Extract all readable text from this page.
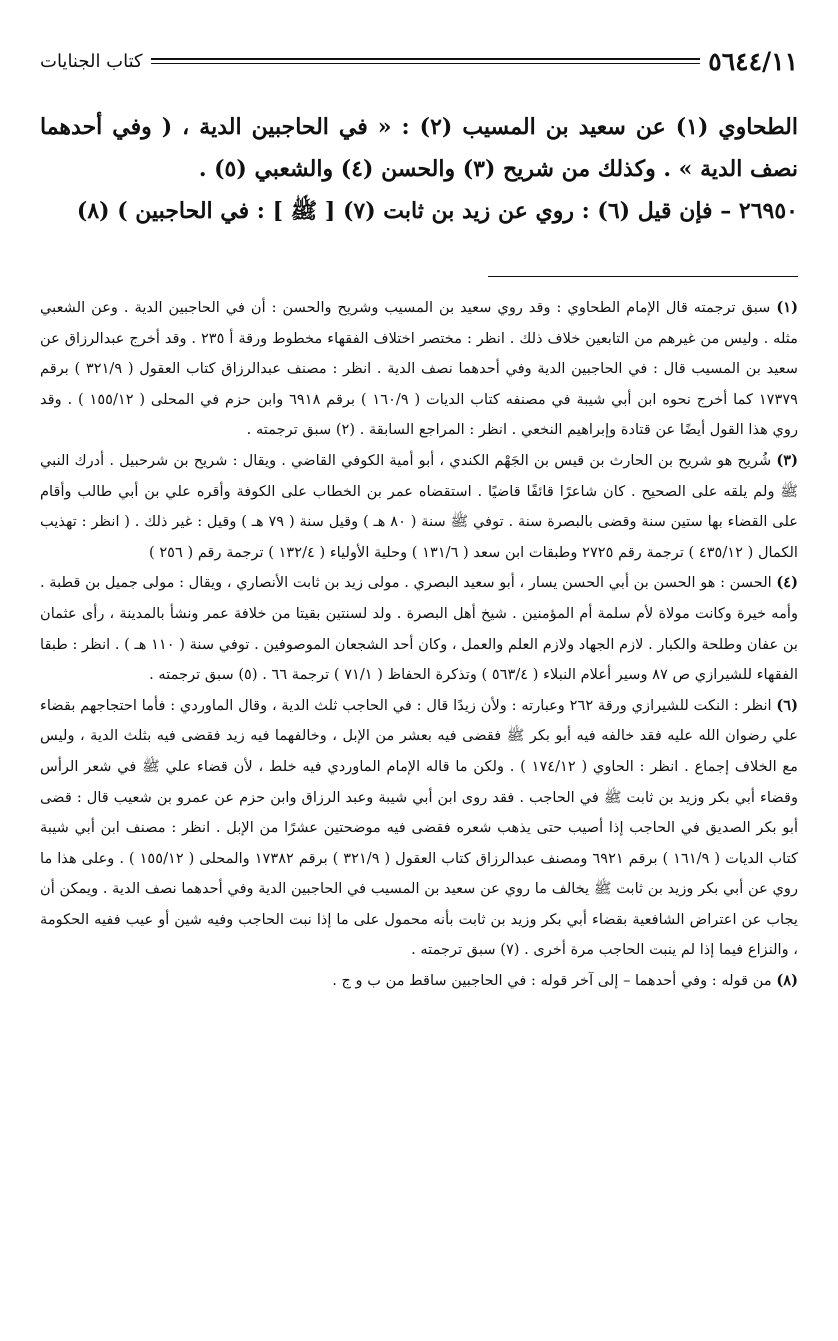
٥٦٤٤/١١
كتاب الجنايات

الطحاوي (١) عن سعيد بن المسيب (٢) : « في الحاجبين الدية ، ( وفي أحدهما نصف الدية » . وكذلك من شريح (٣) والحسن (٤) والشعبي (٥) .

٢٦٩٥٠ – فإن قيل (٦) : روي عن زيد بن ثابت (٧) [ ﷺ ] : في الحاجبين ) (٨)

(١) سبق ترجمته قال الإمام الطحاوي : وقد روي سعيد بن المسيب وشريح والحسن : أن في الحاجبين الدية . وعن الشعبي مثله . وليس من غيرهم من التابعين خلاف ذلك . انظر : مختصر اختلاف الفقهاء مخطوط ورقة أ ٢٣٥ . وقد أخرج عبدالرزاق عن سعيد بن المسيب قال : في الحاجبين الدية وفي أحدهما نصف الدية . انظر : مصنف عبدالرزاق كتاب العقول ( ٣٢١/٩ ) برقم ١٧٣٧٩ كما أخرج نحوه ابن أبي شيبة في مصنفه كتاب الديات ( ١٦٠/٩ ) برقم ٦٩١٨ وابن حزم في المحلى ( ١٥٥/١٢ ) . وقد روي هذا القول أيضًا عن قتادة وإبراهيم النخعي . انظر : المراجع السابقة . (٢) سبق ترجمته .

(٣) شُريح هو شريح بن الحارث بن قيس بن الجَهْم الكندي ، أبو أمية الكوفي القاضي . ويقال : شريح بن شرحبيل . أدرك النبي ﷺ ولم يلقه على الصحيح . كان شاعرًا قائفًا قاضيًا . استقضاه عمر بن الخطاب على الكوفة وأقره علي بن أبي طالب وأقام على القضاء بها ستين سنة وقضى بالبصرة سنة . توفي ﷺ سنة ( ٨٠ هـ ) وقيل سنة ( ٧٩ هـ ) وقيل : غير ذلك . ( انظر : تهذيب الكمال ( ٤٣٥/١٢ ) ترجمة رقم ٢٧٢٥ وطبقات ابن سعد ( ١٣١/٦ ) وحلية الأولياء ( ١٣٢/٤ ) ترجمة رقم ( ٢٥٦ )

(٤) الحسن : هو الحسن بن أبي الحسن يسار ، أبو سعيد البصري . مولى زيد بن ثابت الأنصاري ، ويقال : مولى جميل بن قطبة . وأمه خيرة وكانت مولاة لأم سلمة أم المؤمنين . شيخ أهل البصرة . ولد لسنتين بقيتا من خلافة عمر ونشأ بالمدينة ، رأى عثمان بن عفان وطلحة والكبار . لازم الجهاد ولازم العلم والعمل ، وكان أحد الشجعان الموصوفين . توفي سنة ( ١١٠ هـ ) . انظر : طبقا الفقهاء للشيرازي ص ٨٧ وسير أعلام النبلاء ( ٥٦٣/٤ ) وتذكرة الحفاظ ( ٧١/١ ) ترجمة ٦٦ . (٥) سبق ترجمته .

(٦) انظر : النكت للشيرازي ورقة ٢٦٢ وعبارته : ولأن زيدًا قال : في الحاجب ثلث الدية ، وقال الماوردي : فأما احتجاجهم بقضاء علي رضوان الله عليه فقد خالفه فيه أبو بكر ﷺ فقضى فيه بعشر من الإبل ، وخالفهما فيه زيد فقضى فيه بثلث الدية ، وليس مع الخلاف إجماع . انظر : الحاوي ( ١٧٤/١٢ ) . ولكن ما قاله الإمام الماوردي فيه خلط ، لأن قضاء علي ﷺ في شعر الرأس وقضاء أبي بكر وزيد بن ثابت ﷺ في الحاجب . فقد روى ابن أبي شيبة وعبد الرزاق وابن حزم عن عمرو بن شعيب قال : قضى أبو بكر الصديق في الحاجب إذا أصيب حتى يذهب شعره فقضى فيه موضحتين عشرًا من الإبل . انظر : مصنف ابن أبي شيبة كتاب الديات ( ١٦١/٩ ) برقم ٦٩٢١ ومصنف عبدالرزاق كتاب العقول ( ٣٢١/٩ ) برقم ١٧٣٨٢ والمحلى ( ١٥٥/١٢ ) . وعلى هذا ما روي عن أبي بكر وزيد بن ثابت ﷺ يخالف ما روي عن سعيد بن المسيب في الحاجبين الدية وفي أحدهما نصف الدية . ويمكن أن يجاب عن اعتراض الشافعية بقضاء أبي بكر وزيد بن ثابت بأنه محمول على ما إذا نبت الحاجب وفيه شين أو عيب ففيه الحكومة ، والنزاع فيما إذا لم ينبت الحاجب مرة أخرى . (٧) سبق ترجمته .

(٨) من قوله : وفي أحدهما – إلى آخر قوله : في الحاجبين ساقط من ب و ج .
